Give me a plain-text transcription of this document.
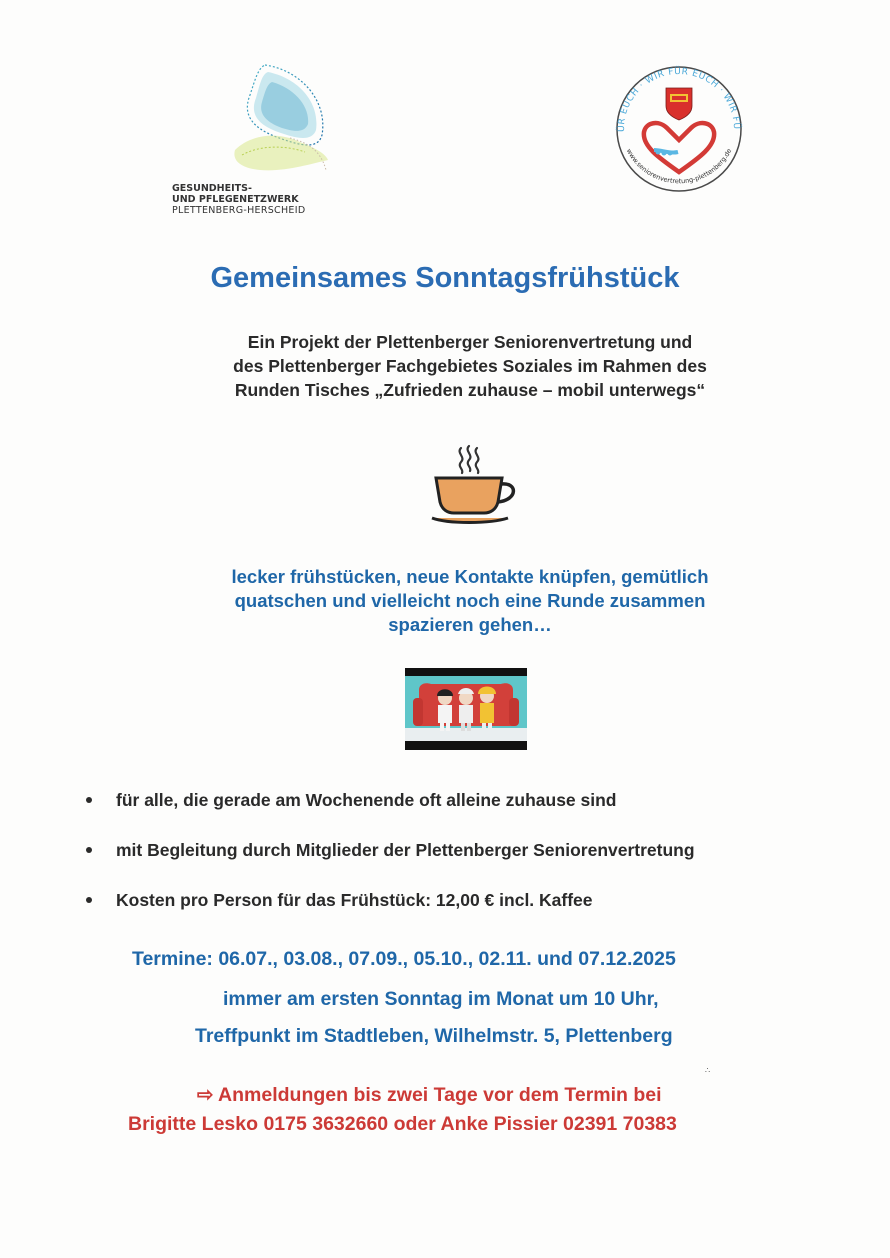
GESUNDHEITS-
UND PFLEGENETZWERK
PLETTENBERG-HERSCHEID
ÜR EUCH · WIR FÜR EUCH · WIR FÜ
www.seniorenvertretung-plettenberg.de
Gemeinsames Sonntagsfrühstück
Ein Projekt der Plettenberger Seniorenvertretung und
des Plettenberger Fachgebietes Soziales im Rahmen des
Runden Tisches „Zufrieden zuhause – mobil unterwegs“
lecker frühstücken, neue Kontakte knüpfen, gemütlich
quatschen und vielleicht noch eine Runde zusammen
spazieren gehen…
für alle, die gerade am Wochenende oft alleine zuhause sind
mit Begleitung durch Mitglieder der Plettenberger Seniorenvertretung
Kosten pro Person für das Frühstück: 12,00 € incl. Kaffee
Termine: 06.07., 03.08., 07.09., 05.10., 02.11. und 07.12.2025
immer am ersten Sonntag im Monat um 10 Uhr,
Treffpunkt im Stadtleben, Wilhelmstr. 5, Plettenberg
∴
⇨ Anmeldungen bis zwei Tage vor dem Termin bei
Brigitte Lesko 0175 3632660 oder Anke Pissier 02391 70383
